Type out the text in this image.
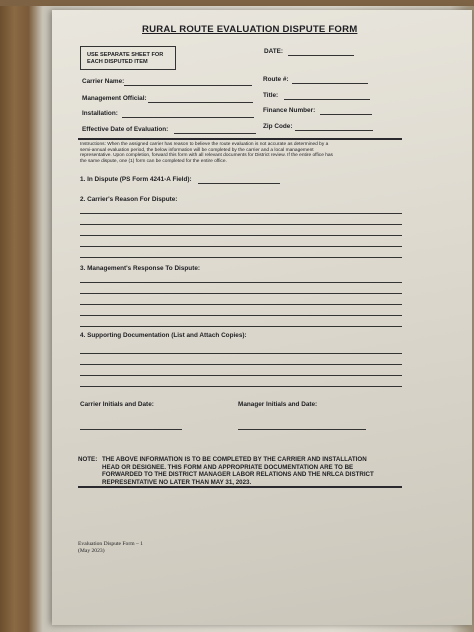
RURAL ROUTE EVALUATION DISPUTE FORM
USE SEPARATE SHEET FOR
EACH DISPUTED ITEM
DATE:
Carrier Name:	Route #:
Management Official:	Title:
Installation:	Finance Number:
Effective Date of Evaluation:	Zip Code:
Instructions: When the assigned carrier has reason to believe the route evaluation is not accurate as determined by a
semi-annual evaluation period, the below information will be completed by the carrier and a local management
representative. Upon completion, forward this form with all relevant documents for District review. If the entire office has
the same dispute, one (1) form can be completed for the entire office.
1. In Dispute (PS Form 4241-A Field):
2. Carrier's Reason For Dispute:
3. Management's Response To Dispute:
4. Supporting Documentation (List and Attach Copies):
Carrier Initials and Date:	Manager Initials and Date:
NOTE: THE ABOVE INFORMATION IS TO BE COMPLETED BY THE CARRIER AND INSTALLATION
HEAD OR DESIGNEE. THIS FORM AND APPROPRIATE DOCUMENTATION ARE TO BE
FORWARDED TO THE DISTRICT MANAGER LABOR RELATIONS AND THE NRLCA DISTRICT
REPRESENTATIVE NO LATER THAN MAY 31, 2023.
Evaluation Dispute Form – 1
(May 2023)
